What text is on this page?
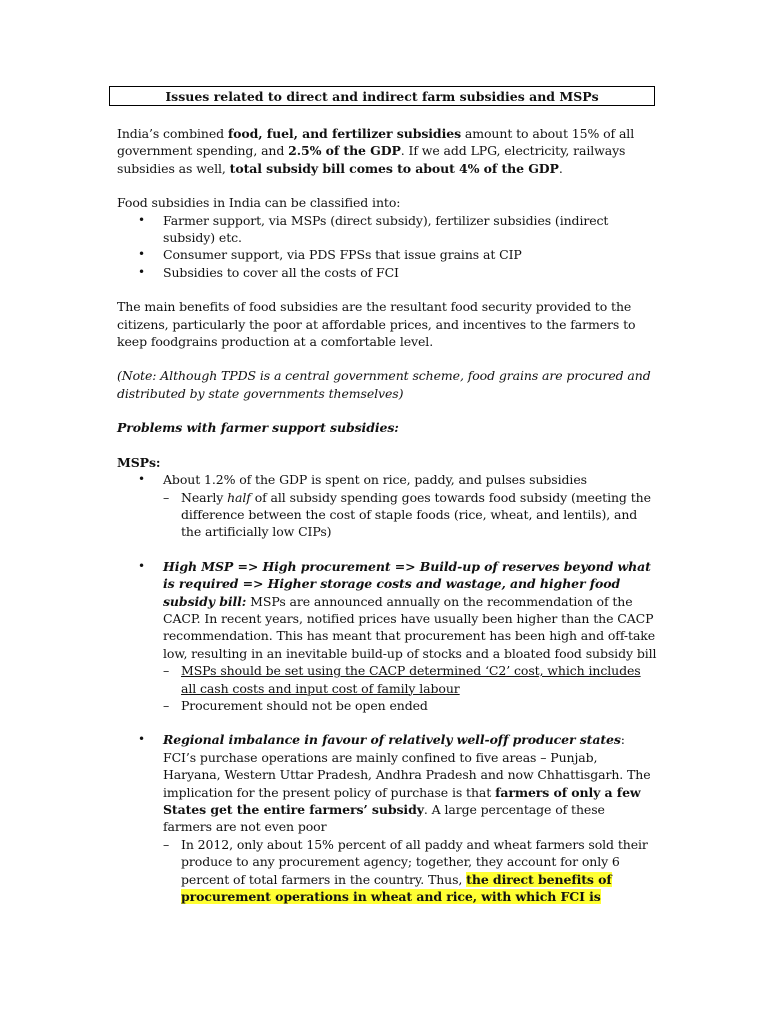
Issues related to direct and indirect farm subsidies and MSPs

India’s combined food, fuel, and fertilizer subsidies amount to about 15% of all government spending, and 2.5% of the GDP. If we add LPG, electricity, railways subsidies as well, total subsidy bill comes to about 4% of the GDP.

Food subsidies in India can be classified into:

• Farmer support, via MSPs (direct subsidy), fertilizer subsidies (indirect subsidy) etc.
• Consumer support, via PDS FPSs that issue grains at CIP
• Subsidies to cover all the costs of FCI

The main benefits of food subsidies are the resultant food security provided to the citizens, particularly the poor at affordable prices, and incentives to the farmers to keep foodgrains production at a comfortable level.

(Note: Although TPDS is a central government scheme, food grains are procured and distributed by state governments themselves)

Problems with farmer support subsidies:

MSPs:

• About 1.2% of the GDP is spent on rice, paddy, and pulses subsidies
– Nearly half of all subsidy spending goes towards food subsidy (meeting the difference between the cost of staple foods (rice, wheat, and lentils), and the artificially low CIPs)
• High MSP => High procurement => Build-up of reserves beyond what is required => Higher storage costs and wastage, and higher food subsidy bill: MSPs are announced annually on the recommendation of the CACP. In recent years, notified prices have usually been higher than the CACP recommendation. This has meant that procurement has been high and off-take low, resulting in an inevitable build-up of stocks and a bloated food subsidy bill
– MSPs should be set using the CACP determined ‘C2’ cost, which includes all cash costs and input cost of family labour
– Procurement should not be open ended
• Regional imbalance in favour of relatively well-off producer states: FCI’s purchase operations are mainly confined to five areas – Punjab, Haryana, Western Uttar Pradesh, Andhra Pradesh and now Chhattisgarh. The implication for the present policy of purchase is that farmers of only a few States get the entire farmers’ subsidy. A large percentage of these farmers are not even poor
– In 2012, only about 15% percent of all paddy and wheat farmers sold their produce to any procurement agency; together, they account for only 6 percent of total farmers in the country. Thus, the direct benefits of procurement operations in wheat and rice, with which FCI is
